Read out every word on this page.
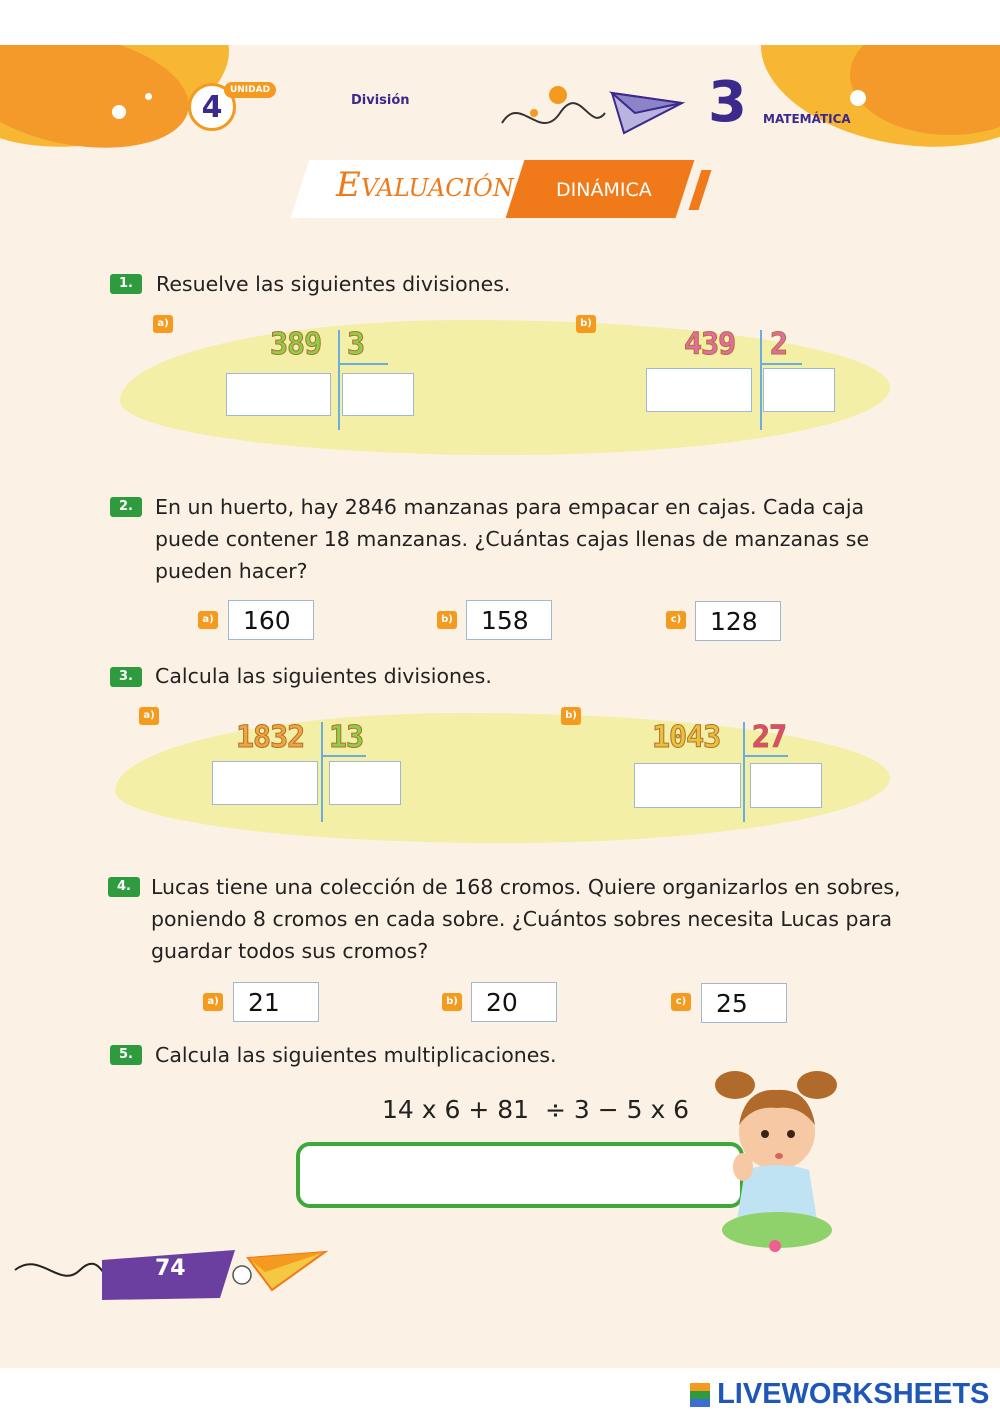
4 UNIDAD
División	3 MATEMÁTICA
Evaluación DINÁMICA
1.	Resuelve las siguientes divisiones.
a)
389 3
b)
439 2
2.	En un huerto, hay 2846 manzanas para empacar en cajas. Cada caja puede contener 18 manzanas. ¿Cuántas cajas llenas de manzanas se pueden hacer?
a)	160	b)	158	c)	128
3.	Calcula las siguientes divisiones.
a)
1832 13
b)
1043 27
4. Lucas tiene una colección de 168 cromos. Quiere organizarlos en sobres, poniendo 8 cromos en cada sobre. ¿Cuántos sobres necesita Lucas para guardar todos sus cromos?
a)	21	b)	20	c)	25
5.	Calcula las siguientes multiplicaciones.
14 x 6 + 81  ÷ 3 − 5 x 6
74
LIVEWORKSHEETS
